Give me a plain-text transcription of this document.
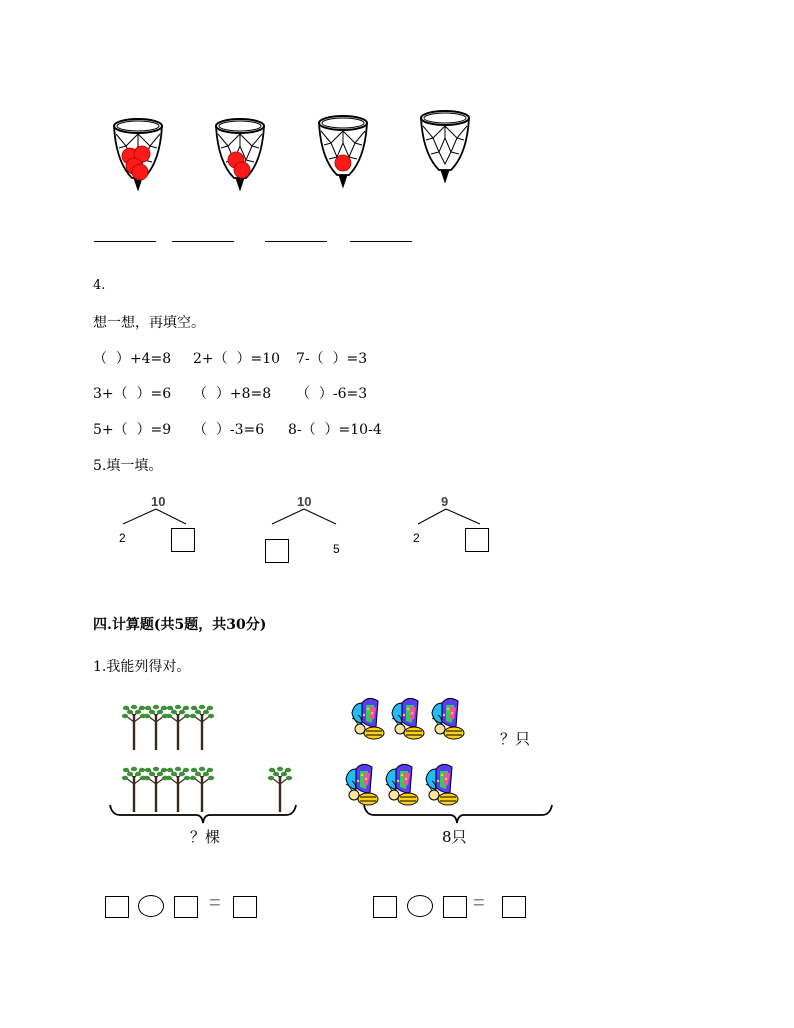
4.
想一想，再填空。
（  ）+4=8 2+（  ）=10 7-（  ）=3
3+（  ）=6 （  ）+8=8 （  ）-6=3
5+（  ）=9 （  ）-3=6 8-（  ）=10-4
5.填一填。
10
2
10
5
9
2
四.计算题(共5题，共30分)
1.我能列得对。
？棵
？只
8只
=	=
